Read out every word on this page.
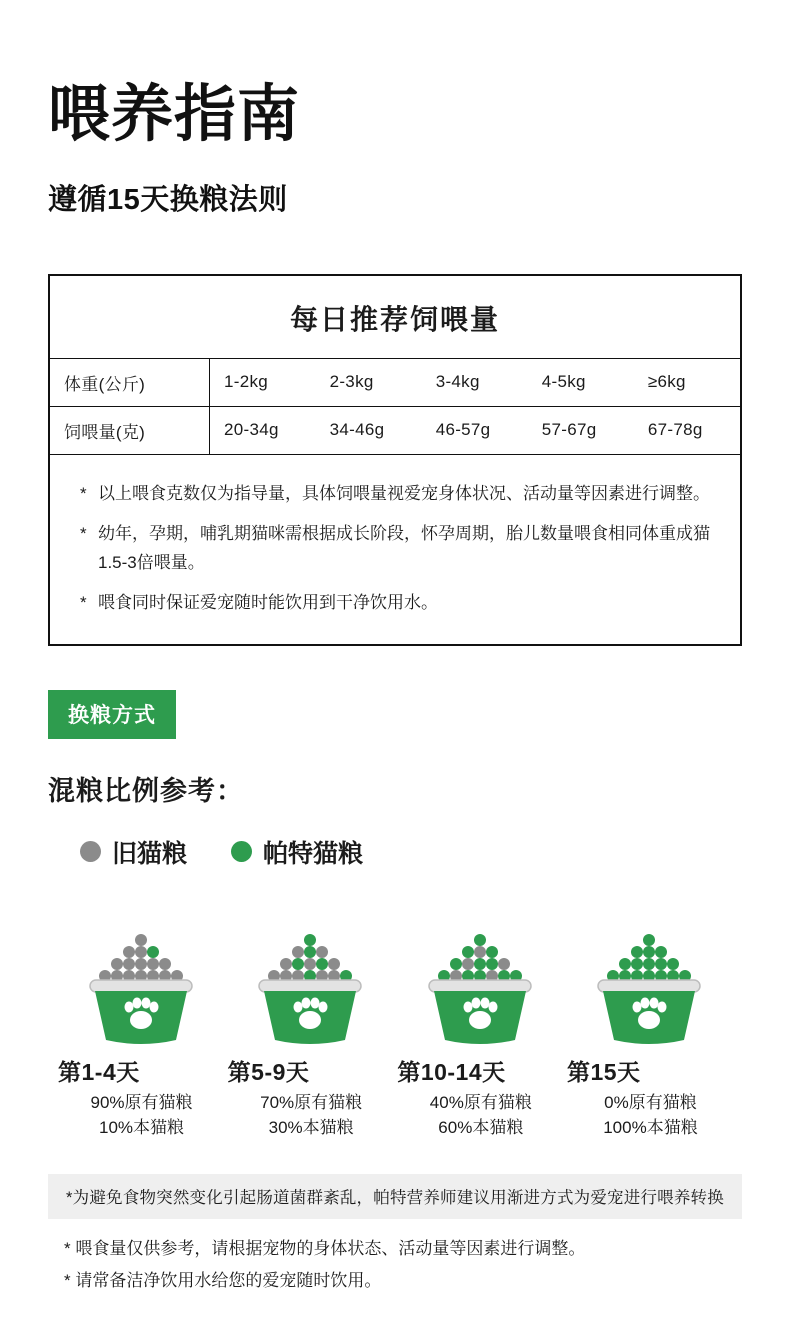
喂养指南
遵循15天换粮法则
每日推荐饲喂量
体重(公斤)	1-2kg	2-3kg	3-4kg	4-5kg	≥6kg
饲喂量(克)	20-34g	34-46g	46-57g	57-67g	67-78g
* 以上喂食克数仅为指导量，具体饲喂量视爱宠身体状况、活动量等因素进行调整。
* 幼年，孕期，哺乳期猫咪需根据成长阶段，怀孕周期，胎儿数量喂食相同体重成猫1.5-3倍喂量。
* 喂食同时保证爱宠随时能饮用到干净饮用水。
换粮方式
混粮比例参考：
旧猫粮	帕特猫粮
第1-4天
90%原有猫粮
10%本猫粮
第5-9天
70%原有猫粮
30%本猫粮
第10-14天
40%原有猫粮
60%本猫粮
第15天
0%原有猫粮
100%本猫粮
*为避免食物突然变化引起肠道菌群紊乱，帕特营养师建议用渐进方式为爱宠进行喂养转换
* 喂食量仅供参考，请根据宠物的身体状态、活动量等因素进行调整。
* 请常备洁净饮用水给您的爱宠随时饮用。
